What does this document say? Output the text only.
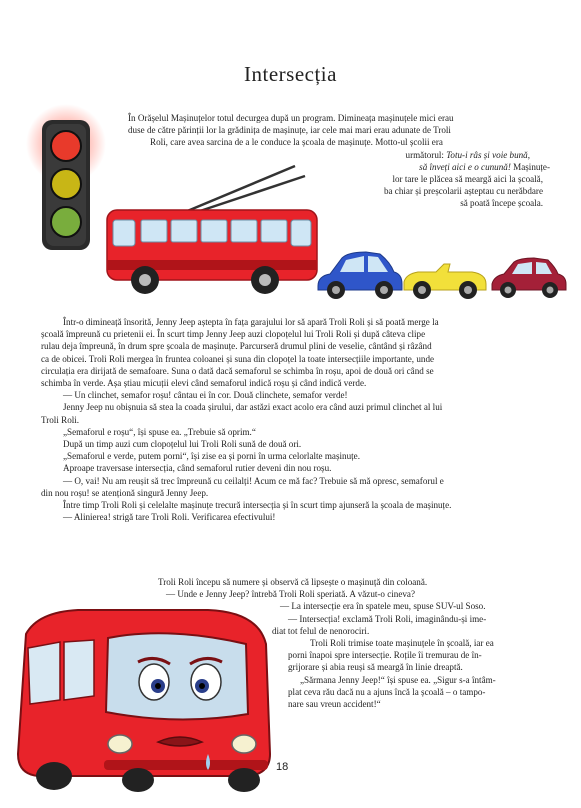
Intersecția
În Orășelul Mașinuțelor totul decurgea după un program. Dimineața mașinuțele mici erau
duse de către părinții lor la grădinița de mașinuțe, iar cele mai mari erau adunate de Troli
Roli, care avea sarcina de a le conduce la școala de mașinuțe. Motto-ul școlii era
următorul: Totu-i râs și voie bună,
să înveți aici e o cunună! Mașinuțe-
lor tare le plăcea să meargă aici la școală,
ba chiar și preșcolarii așteptau cu nerăbdare
să poată începe școala.
Într-o dimineață însorită, Jenny Jeep aștepta în fața garajului lor să apară Troli Roli și să poată merge la
școală împreună cu prietenii ei. În scurt timp Jenny Jeep auzi clopoțelul lui Troli Roli și după câteva clipe
rulau deja împreună, în drum spre școala de mașinuțe. Parcurseră drumul plini de veselie, cântând și râzând
ca de obicei. Troli Roli mergea în fruntea coloanei și suna din clopoțel la toate intersecțiile importante, unde
circulația era dirijată de semafoare. Suna o dată dacă semaforul se schimba în roșu, apoi de două ori când se
schimba în verde. Așa știau micuții elevi când semaforul indică roșu și când indică verde.
— Un clinchet, semafor roșu! cântau ei în cor. Două clinchete, semafor verde!
Jenny Jeep nu obișnuia să stea la coada șirului, dar astăzi exact acolo era când auzi primul clinchet al lui
Troli Roli.
„Semaforul e roșu“, își spuse ea. „Trebuie să oprim.“
După un timp auzi cum clopoțelul lui Troli Roli sună de două ori.
„Semaforul e verde, putem porni“, își zise ea și porni în urma celorlalte mașinuțe.
Aproape traversase intersecția, când semaforul rutier deveni din nou roșu.
— O, vai! Nu am reușit să trec împreună cu ceilalți! Acum ce mă fac? Trebuie să mă opresc, semaforul e
din nou roșu! se atenționă singură Jenny Jeep.
Între timp Troli Roli și celelalte mașinuțe trecură intersecția și în scurt timp ajunseră la școala de mașinuțe.
— Alinierea! strigă tare Troli Roli. Verificarea efectivului!
Troli Roli începu să numere și observă că lipsește o mașinuță din coloană.
— Unde e Jenny Jeep? întrebă Troli Roli speriată. A văzut-o cineva?
— La intersecție era în spatele meu, spuse SUV-ul Soso.
— Intersecția! exclamă Troli Roli, imaginându-și ime-
diat tot felul de nenorociri.
Troli Roli trimise toate mașinuțele în școală, iar ea
porni înapoi spre intersecție. Roțile îi tremurau de în-
grijorare și abia reuși să meargă în linie dreaptă.
„Sărmana Jenny Jeep!“ își spuse ea. „Sigur s-a întâm-
plat ceva rău dacă nu a ajuns încă la școală – o tampo-
nare sau vreun accident!“
18
